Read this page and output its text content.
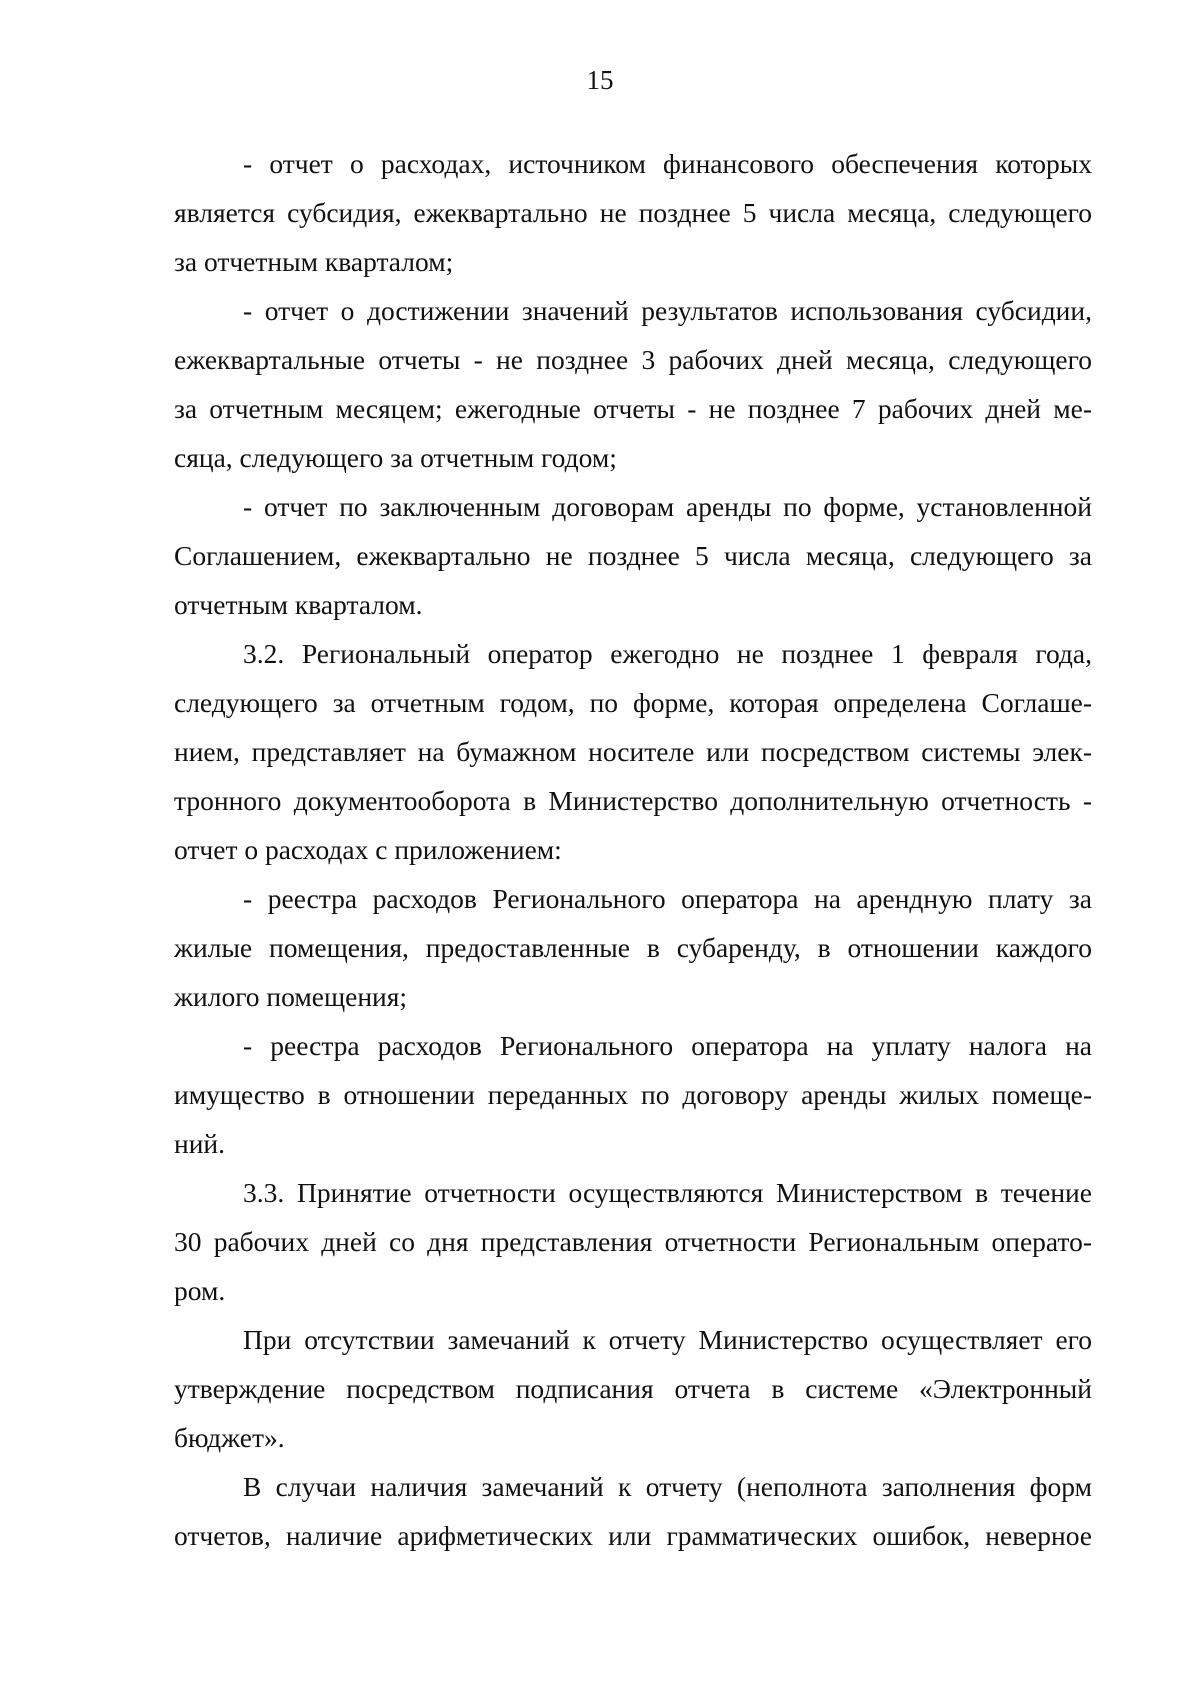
15
- отчет о расходах, источником финансового обеспечения которых
является субсидия, ежеквартально не позднее 5 числа месяца, следующего
за отчетным кварталом;
- отчет о достижении значений результатов использования субсидии,
ежеквартальные отчеты - не позднее 3 рабочих дней месяца, следующего
за отчетным месяцем; ежегодные отчеты - не позднее 7 рабочих дней ме-
сяца, следующего за отчетным годом;
- отчет по заключенным договорам аренды по форме, установленной
Соглашением, ежеквартально не позднее 5 числа месяца, следующего за
отчетным кварталом.
3.2. Региональный оператор ежегодно не позднее 1 февраля года,
следующего за отчетным годом, по форме, которая определена Соглаше-
нием, представляет на бумажном носителе или посредством системы элек-
тронного документооборота в Министерство дополнительную отчетность -
отчет о расходах с приложением:
- реестра расходов Регионального оператора на арендную плату за
жилые помещения, предоставленные в субаренду, в отношении каждого
жилого помещения;
- реестра расходов Регионального оператора на уплату налога на
имущество в отношении переданных по договору аренды жилых помеще-
ний.
3.3. Принятие отчетности осуществляются Министерством в течение
30 рабочих дней со дня представления отчетности Региональным операто-
ром.
При отсутствии замечаний к отчету Министерство осуществляет его
утверждение посредством подписания отчета в системе «Электронный
бюджет».
В случаи наличия замечаний к отчету (неполнота заполнения форм
отчетов, наличие арифметических или грамматических ошибок, неверное
